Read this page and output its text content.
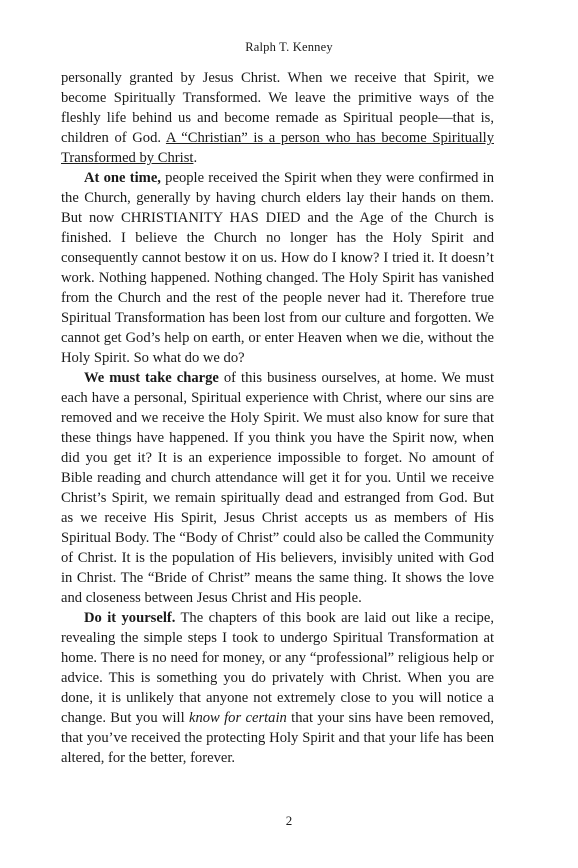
Ralph T. Kenney

personally granted by Jesus Christ. When we receive that Spirit, we become Spiritually Transformed. We leave the primitive ways of the fleshly life behind us and become remade as Spiritual people—that is, children of God. A “Christian” is a person who has become Spiritually Transformed by Christ.

At one time, people received the Spirit when they were confirmed in the Church, generally by having church elders lay their hands on them. But now CHRISTIANITY HAS DIED and the Age of the Church is finished. I believe the Church no longer has the Holy Spirit and consequently cannot bestow it on us. How do I know? I tried it. It doesn’t work. Nothing happened. Nothing changed. The Holy Spirit has vanished from the Church and the rest of the people never had it. Therefore true Spiritual Transformation has been lost from our culture and forgotten. We cannot get God’s help on earth, or enter Heaven when we die, without the Holy Spirit. So what do we do?

We must take charge of this business ourselves, at home. We must each have a personal, Spiritual experience with Christ, where our sins are removed and we receive the Holy Spirit. We must also know for sure that these things have happened. If you think you have the Spirit now, when did you get it? It is an experience impossible to forget. No amount of Bible reading and church attendance will get it for you. Until we receive Christ’s Spirit, we remain spiritually dead and estranged from God. But as we receive His Spirit, Jesus Christ accepts us as members of His Spiritual Body. The “Body of Christ” could also be called the Community of Christ. It is the population of His believers, invisibly united with God in Christ. The “Bride of Christ” means the same thing. It shows the love and closeness between Jesus Christ and His people.

Do it yourself. The chapters of this book are laid out like a recipe, revealing the simple steps I took to undergo Spiritual Transformation at home. There is no need for money, or any “professional” religious help or advice. This is something you do privately with Christ. When you are done, it is unlikely that anyone not extremely close to you will notice a change. But you will know for certain that your sins have been removed, that you’ve received the protecting Holy Spirit and that your life has been altered, for the better, forever.

2
